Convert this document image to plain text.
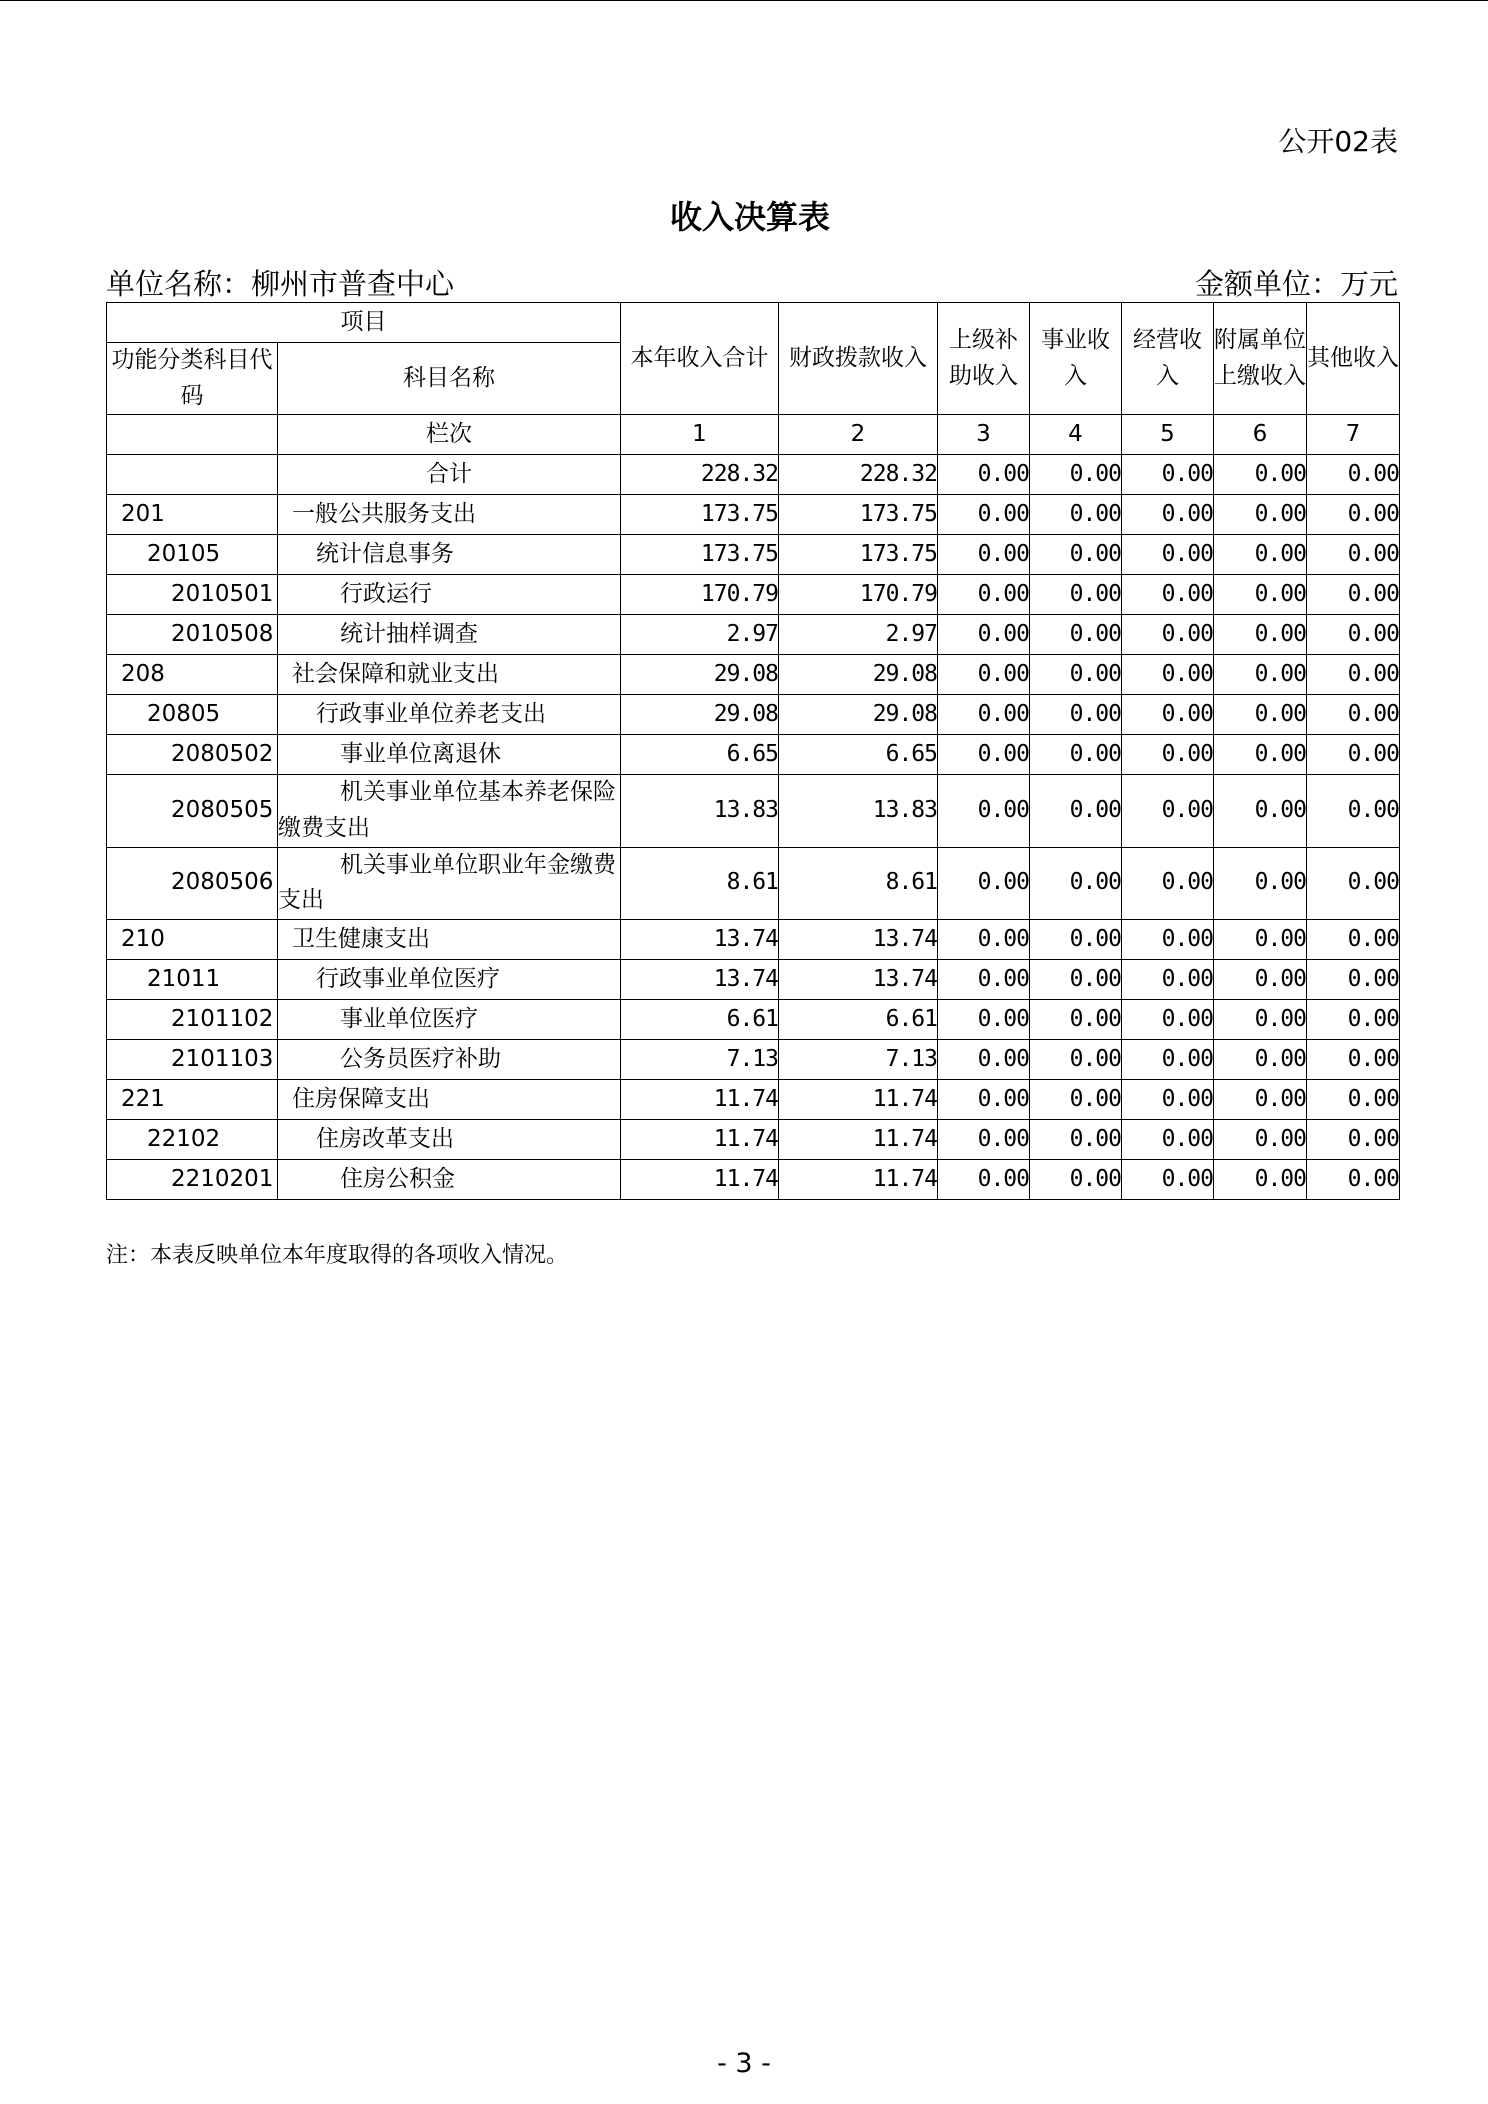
公开02表
收入决算表
单位名称：柳州市普查中心	金额单位：万元
项目		本年收入合计	财政拨款收入	上级补助收入	事业收入	经营收入	附属单位上缴收入	其他收入
功能分类科目代码	科目名称							
	栏次	1	2	3	4	5	6	7
	合计	228.32	228.32	0.00	0.00	0.00	0.00	0.00
201	一般公共服务支出	173.75	173.75	0.00	0.00	0.00	0.00	0.00
20105	统计信息事务	173.75	173.75	0.00	0.00	0.00	0.00	0.00
2010501	行政运行	170.79	170.79	0.00	0.00	0.00	0.00	0.00
2010508	统计抽样调查	2.97	2.97	0.00	0.00	0.00	0.00	0.00
208	社会保障和就业支出	29.08	29.08	0.00	0.00	0.00	0.00	0.00
20805	行政事业单位养老支出	29.08	29.08	0.00	0.00	0.00	0.00	0.00
2080502	事业单位离退休	6.65	6.65	0.00	0.00	0.00	0.00	0.00
2080505	机关事业单位基本养老保险缴费支出	13.83	13.83	0.00	0.00	0.00	0.00	0.00
2080506	机关事业单位职业年金缴费支出	8.61	8.61	0.00	0.00	0.00	0.00	0.00
210	卫生健康支出	13.74	13.74	0.00	0.00	0.00	0.00	0.00
21011	行政事业单位医疗	13.74	13.74	0.00	0.00	0.00	0.00	0.00
2101102	事业单位医疗	6.61	6.61	0.00	0.00	0.00	0.00	0.00
2101103	公务员医疗补助	7.13	7.13	0.00	0.00	0.00	0.00	0.00
221	住房保障支出	11.74	11.74	0.00	0.00	0.00	0.00	0.00
22102	住房改革支出	11.74	11.74	0.00	0.00	0.00	0.00	0.00
2210201	住房公积金	11.74	11.74	0.00	0.00	0.00	0.00	0.00
注：本表反映单位本年度取得的各项收入情况。
- 3 -
